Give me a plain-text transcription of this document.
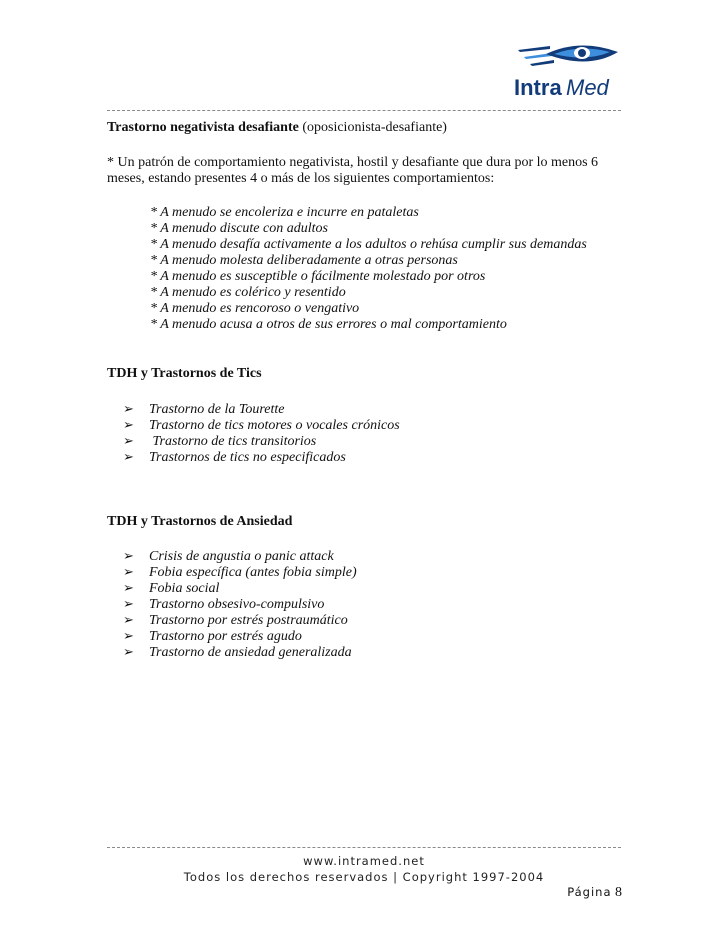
Intra Med
Trastorno negativista desafiante (oposicionista-desafiante)
* Un patrón de comportamiento negativista, hostil y desafiante que dura por lo menos 6
meses, estando presentes 4 o más de los siguientes comportamientos:
* A menudo se encoleriza e incurre en pataletas
* A menudo discute con adultos
* A menudo desafía activamente a los adultos o rehúsa cumplir sus demandas
* A menudo molesta deliberadamente a otras personas
* A menudo es susceptible o fácilmente molestado por otros
* A menudo es colérico y resentido
* A menudo es rencoroso o vengativo
* A menudo acusa a otros de sus errores o mal comportamiento
TDH y Trastornos de Tics
➢ Trastorno de la Tourette
➢ Trastorno de tics motores o vocales crónicos
➢ Trastorno de tics transitorios
➢ Trastornos de tics no especificados
TDH y Trastornos de Ansiedad
➢ Crisis de angustia o panic attack
➢ Fobia específica (antes fobia simple)
➢ Fobia social
➢ Trastorno obsesivo-compulsivo
➢ Trastorno por estrés postraumático
➢ Trastorno por estrés agudo
➢ Trastorno de ansiedad generalizada
www.intramed.net
Todos los derechos reservados | Copyright 1997-2004
Página 8
